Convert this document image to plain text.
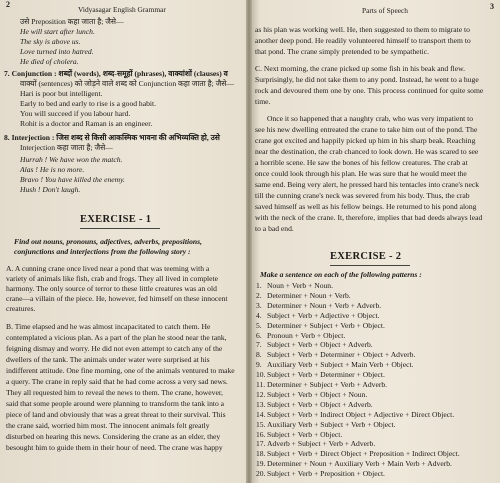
2
Vidyasagar English Grammar
उसे Preposition कहा जाता है; जैसे—
He will start after lunch.
The sky is above us.
Love turned into hatred.
He died of cholera.
7. Conjunction : शब्दों (words), शब्द-समूहों (phrases), वाक्यांशों (clauses) व
वाक्यों (sentences) को जोड़ने वाले शब्द को Conjunction कहा जाता है; जैसे—
Hari is poor but intelligent.
Early to bed and early to rise is a good habit.
You will succeed if you labour hard.
Rohit is a doctor and Raman is an engineer.
8. Interjection : जिस शब्द से किसी आकस्मिक भावना की अभिव्यक्ति हो, उसे
Interjection कहा जाता है; जैसे—
Hurrah ! We have won the match.
Alas ! He is no more.
Bravo ! You have killed the enemy.
Hush ! Don't laugh.
EXERCISE - 1
Find out nouns, pronouns, adjectives, adverbs, prepositions,
conjunctions and interjections from the following story :
A. A cunning crane once lived near a pond that was teeming with a
variety of animals like fish, crab and frogs. They all lived in complete
harmony. The only source of terror to these little creatures was an old
crane—a villain of the piece. He, however, fed himself on these innocent
creatures.
B. Time elapsed and he was almost incapacitated to catch them. He
contemplated a vicious plan. As a part of the plan he stood near the tank,
feigning dismay and worry. He did not even attempt to catch any of the
dwellers of the tank. The animals under water were surprised at his
indifferent attitude. One fine morning, one of the animals ventured to make
a query. The crane in reply said that he had come across a very sad news.
They all requested him to reveal the news to them. The crane, however,
said that some people around were planning to transform the tank into a
piece of land and obviously that was a great threat to their survival. This
the crane said, worried him most. The innocent animals felt greatly
disturbed on hearing this news. Considering the crane as an elder, they
besought him to guide them in their hour of need. The crane was happy
Parts of Speech	3
as his plan was working well. He, then suggested to them to migrate to
another deep pond. He readily volunteered himself to transport them to
that pond. The crane simply pretended to be sympathetic.
C. Next morning, the crane picked up some fish in his beak and flew.
Surprisingly, he did not take them to any pond. Instead, he went to a huge
rock and devoured them one by one. This process continued for quite some
time.
Once it so happened that a naughty crab, who was very impatient to
see his new dwelling entreated the crane to take him out of the pond. The
crane got excited and happily picked up him in his sharp beak. Reaching
near the destination, the crab chanced to look down. He was scared to see
a horrible scene. He saw the bones of his fellow creatures. The crab at
once could look through his plan. He was sure that he would meet the
same end. Being very alert, he pressed hard his tentacles into crane's neck
till the cunning crane's neck was severed from his body. Thus, the crab
saved himself as well as his fellow beings. He returned to his pond along
with the neck of the crane. It, therefore, implies that bad deeds always lead
to a bad end.
EXERCISE - 2
Make a sentence on each of the following patterns :
1. Noun + Verb + Noun.
2. Determiner + Noun + Verb.
3. Determiner + Noun + Verb + Adverb.
4. Subject + Verb + Adjective + Object.
5. Determiner + Subject + Verb + Object.
6. Pronoun + Verb + Object.
7. Subject + Verb + Object + Adverb.
8. Subject + Verb + Determiner + Object + Adverb.
9. Auxiliary Verb + Subject + Main Verb + Object.
10. Subject + Verb + Determiner + Object.
11. Determiner + Subject + Verb + Adverb.
12. Subject + Verb + Object + Noun.
13. Subject + Verb + Object + Adverb.
14. Subject + Verb + Indirect Object + Adjective + Direct Object.
15. Auxiliary Verb + Subject + Verb + Object.
16. Subject + Verb + Object.
17. Adverb + Subject + Verb + Adverb.
18. Subject + Verb + Direct Object + Preposition + Indirect Object.
19. Determiner + Noun + Auxiliary Verb + Main Verb + Adverb.
20. Subject + Verb + Preposition + Object.
